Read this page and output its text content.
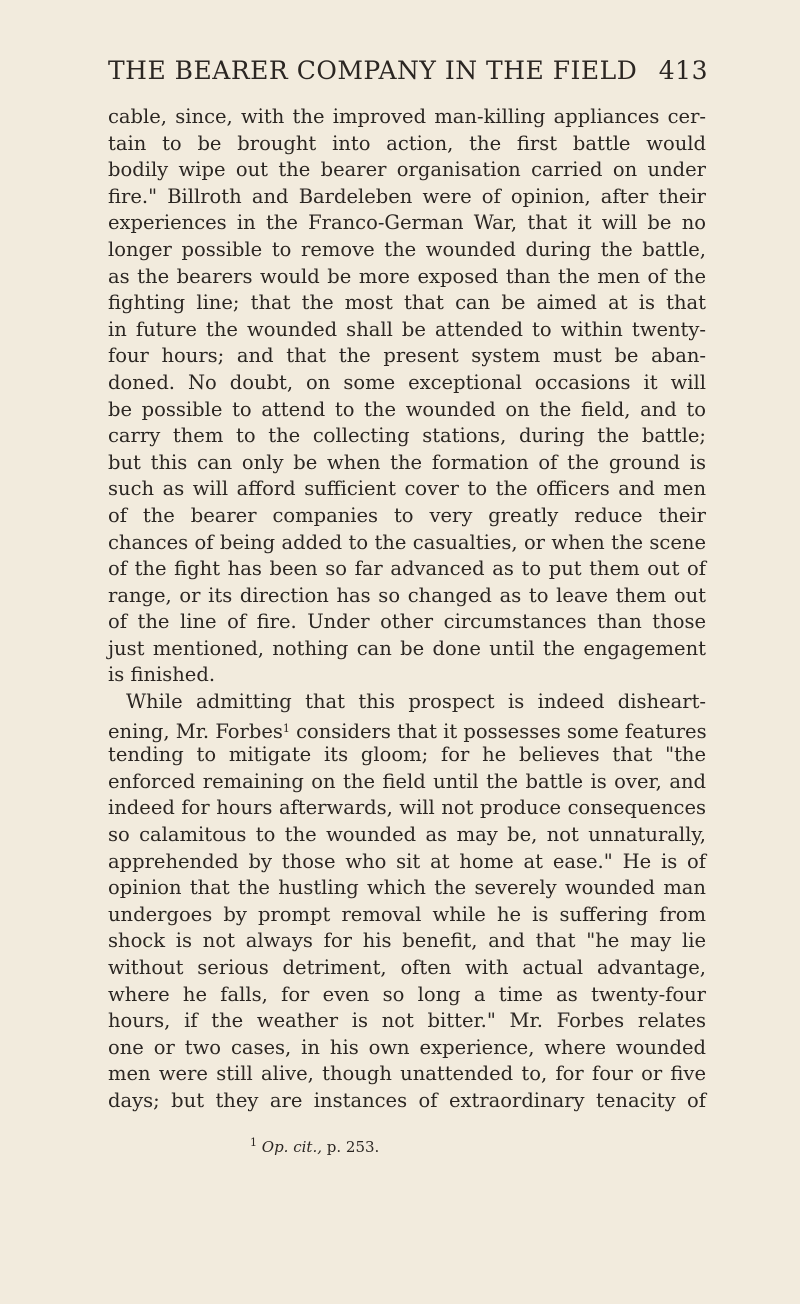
THE BEARER COMPANY IN THE FIELD 413
cable, since, with the improved man-killing appliances cer-
tain to be brought into action, the first battle would
bodily wipe out the bearer organisation carried on under
fire." Billroth and Bardeleben were of opinion, after their
experiences in the Franco-German War, that it will be no
longer possible to remove the wounded during the battle,
as the bearers would be more exposed than the men of the
fighting line; that the most that can be aimed at is that
in future the wounded shall be attended to within twenty-
four hours; and that the present system must be aban-
doned. No doubt, on some exceptional occasions it will
be possible to attend to the wounded on the field, and to
carry them to the collecting stations, during the battle;
but this can only be when the formation of the ground is
such as will afford sufficient cover to the officers and men
of the bearer companies to very greatly reduce their
chances of being added to the casualties, or when the scene
of the fight has been so far advanced as to put them out of
range, or its direction has so changed as to leave them out
of the line of fire. Under other circumstances than those
just mentioned, nothing can be done until the engagement
is finished.
While admitting that this prospect is indeed disheart-
ening, Mr. Forbes$^1$ considers that it possesses some features
tending to mitigate its gloom; for he believes that "the
enforced remaining on the field until the battle is over, and
indeed for hours afterwards, will not produce consequences
so calamitous to the wounded as may be, not unnaturally,
apprehended by those who sit at home at ease." He is of
opinion that the hustling which the severely wounded man
undergoes by prompt removal while he is suffering from
shock is not always for his benefit, and that "he may lie
without serious detriment, often with actual advantage,
where he falls, for even so long a time as twenty-four
hours, if the weather is not bitter." Mr. Forbes relates
one or two cases, in his own experience, where wounded
men were still alive, though unattended to, for four or five
days; but they are instances of extraordinary tenacity of
$^1$ Op. cit., p. 253.
